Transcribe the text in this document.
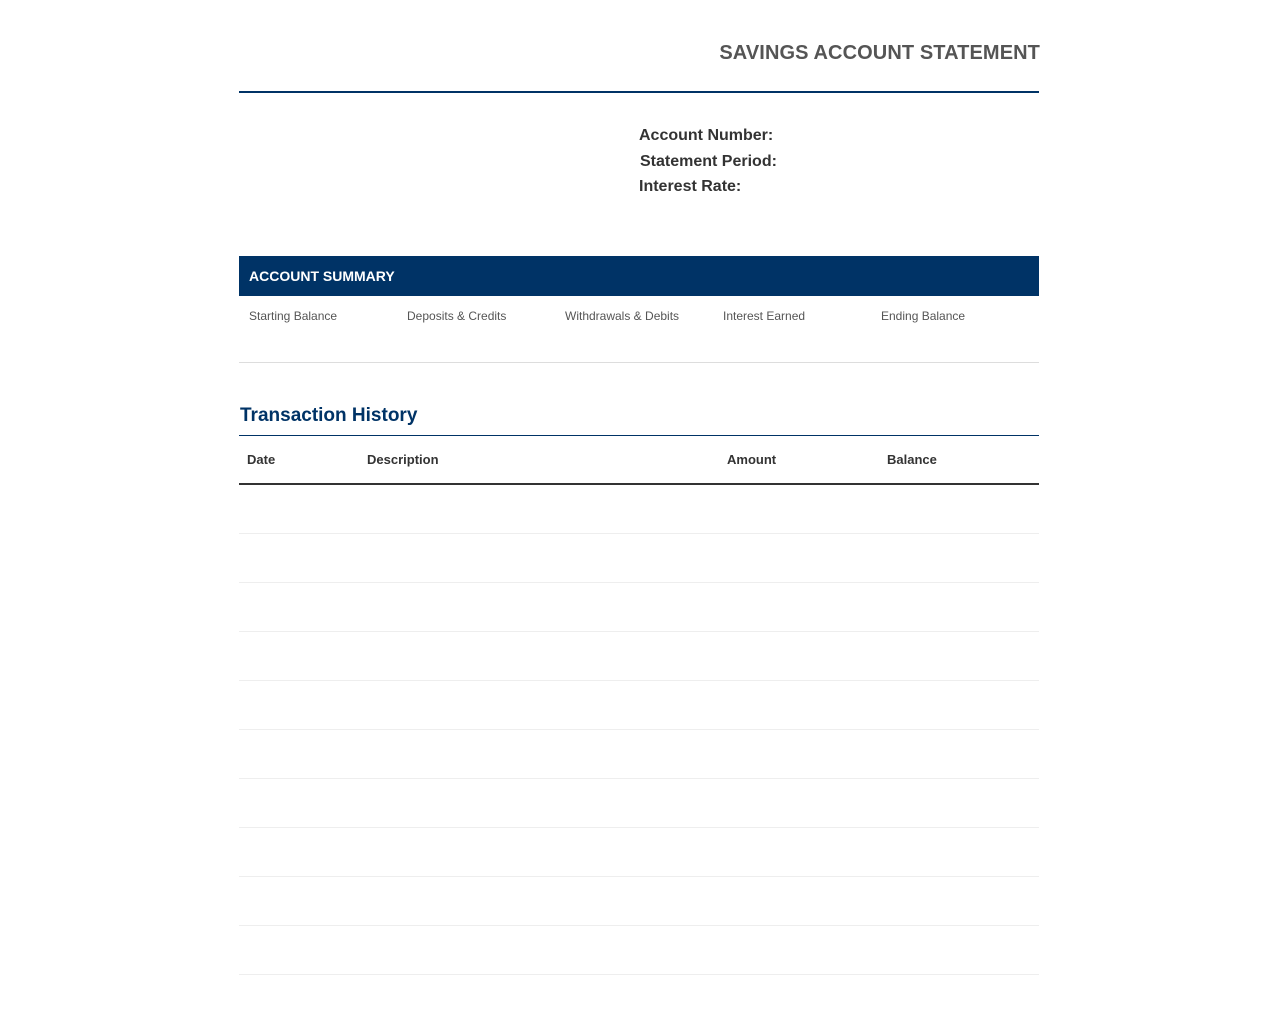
SAVINGS ACCOUNT STATEMENT

Account Number:

Statement Period:

Interest Rate:

ACCOUNT SUMMARY
Starting Balance	Deposits & Credits	Withdrawals & Debits	Interest Earned	Ending Balance
Transaction History
Date	Description	Amount	Balance
